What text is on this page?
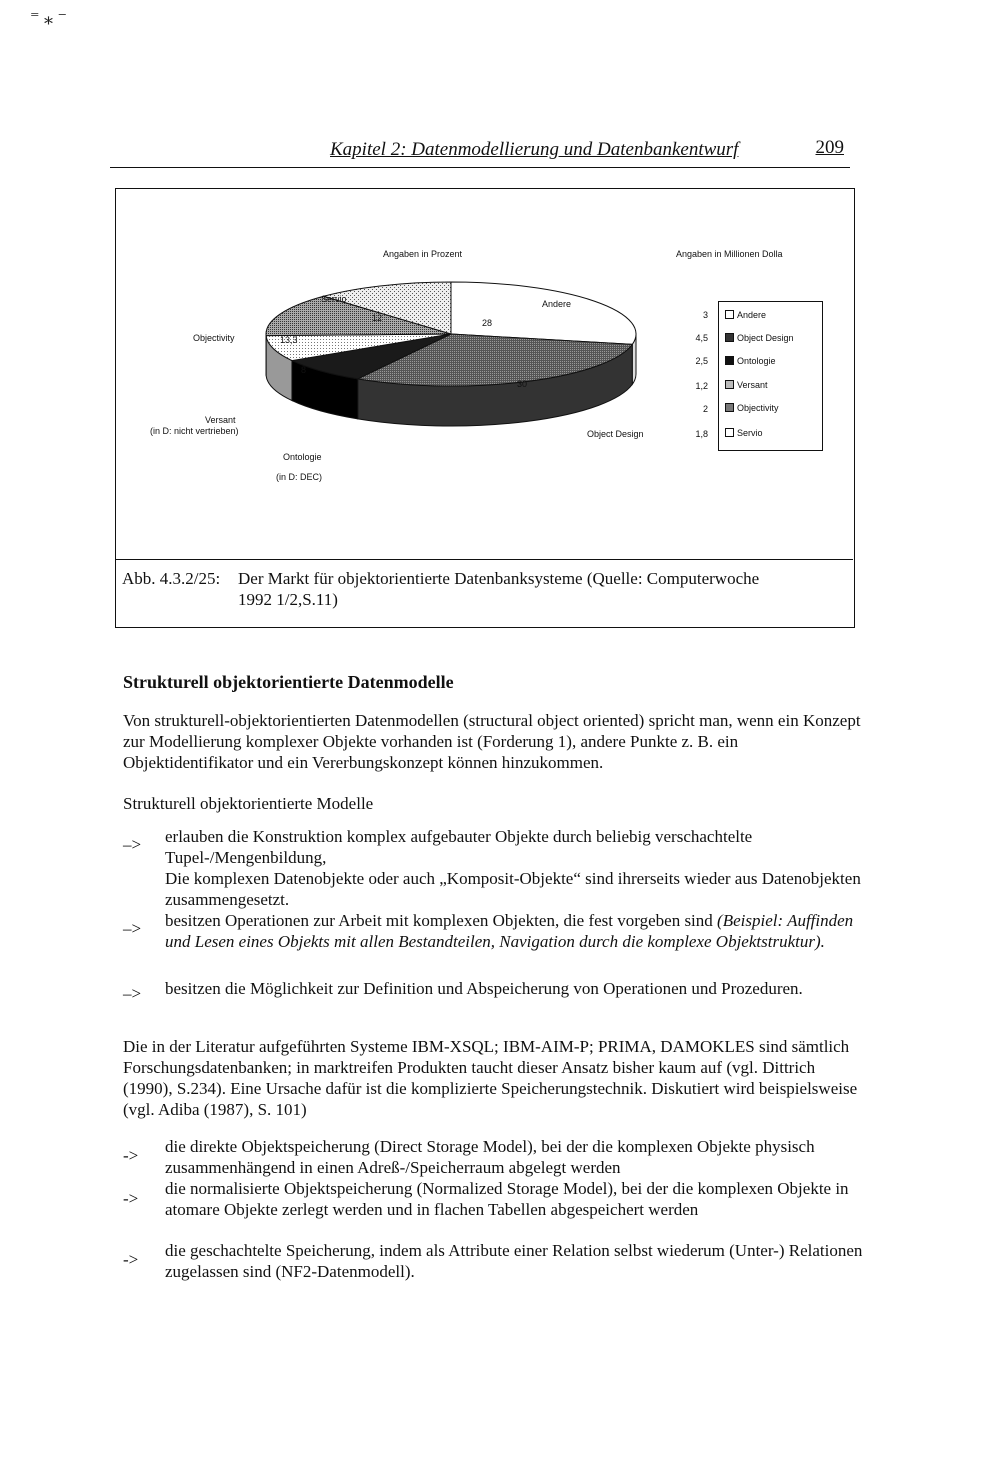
⁼ ⁎ ⁻
Kapitel 2: Datenmodellierung und Datenbankentwurf	209
Angaben in Prozent	Angaben in Millionen Dolla
Servio	Andere
Objectivity
Versant
(in D: nicht vertrieben)	Object Design
Ontologie
(in D: DEC)
28
30
8
13,3
12	3
4,5
2,5
1,2
2
1,8
Andere
Object Design
Ontologie
Versant
Objectivity
Servio
Abb. 4.3.2/25: Der Markt für objektorientierte Datenbanksysteme (Quelle: Computerwoche
1992 1/2,S.11)
Strukturell objektorientierte Datenmodelle
Von strukturell-objektorientierten Datenmodellen (structural object oriented) spricht man, wenn ein Konzept zur Modellierung komplexer Objekte vorhanden ist (Forderung 1), andere Punkte z. B. ein Objektidentifikator und ein Vererbungskonzept können hinzukommen.
Strukturell objektorientierte Modelle
–> erlauben die Konstruktion komplex aufgebauter Objekte durch beliebig verschachtelte Tupel-/Mengenbildung,
Die komplexen Datenobjekte oder auch „Komposit-Objekte“ sind ihrerseits wieder aus Datenobjekten zusammengesetzt.
–> besitzen Operationen zur Arbeit mit komplexen Objekten, die fest vorgeben sind (Beispiel: Auffinden und Lesen eines Objekts mit allen Bestandteilen, Navigation durch die komplexe Objektstruktur).
–> besitzen die Möglichkeit zur Definition und Abspeicherung von Operationen und Prozeduren.
Die in der Literatur aufgeführten Systeme IBM-XSQL; IBM-AIM-P; PRIMA, DAMOKLES sind sämtlich Forschungsdatenbanken; in marktreifen Produkten taucht dieser Ansatz bisher kaum auf (vgl. Dittrich (1990), S.234). Eine Ursache dafür ist die komplizierte Speicherungstechnik. Diskutiert wird beispielsweise (vgl. Adiba (1987), S. 101)
-> die direkte Objektspeicherung (Direct Storage Model), bei der die komplexen Objekte physisch zusammenhängend in einen Adreß-/Speicherraum abgelegt werden
->
die normalisierte Objektspeicherung (Normalized Storage Model), bei der die komplexen Objekte in atomare Objekte zerlegt werden und in flachen Tabellen abgespeichert werden
-> die geschachtelte Speicherung, indem als Attribute einer Relation selbst wiederum (Unter-) Relationen zugelassen sind (NF2-Datenmodell).
